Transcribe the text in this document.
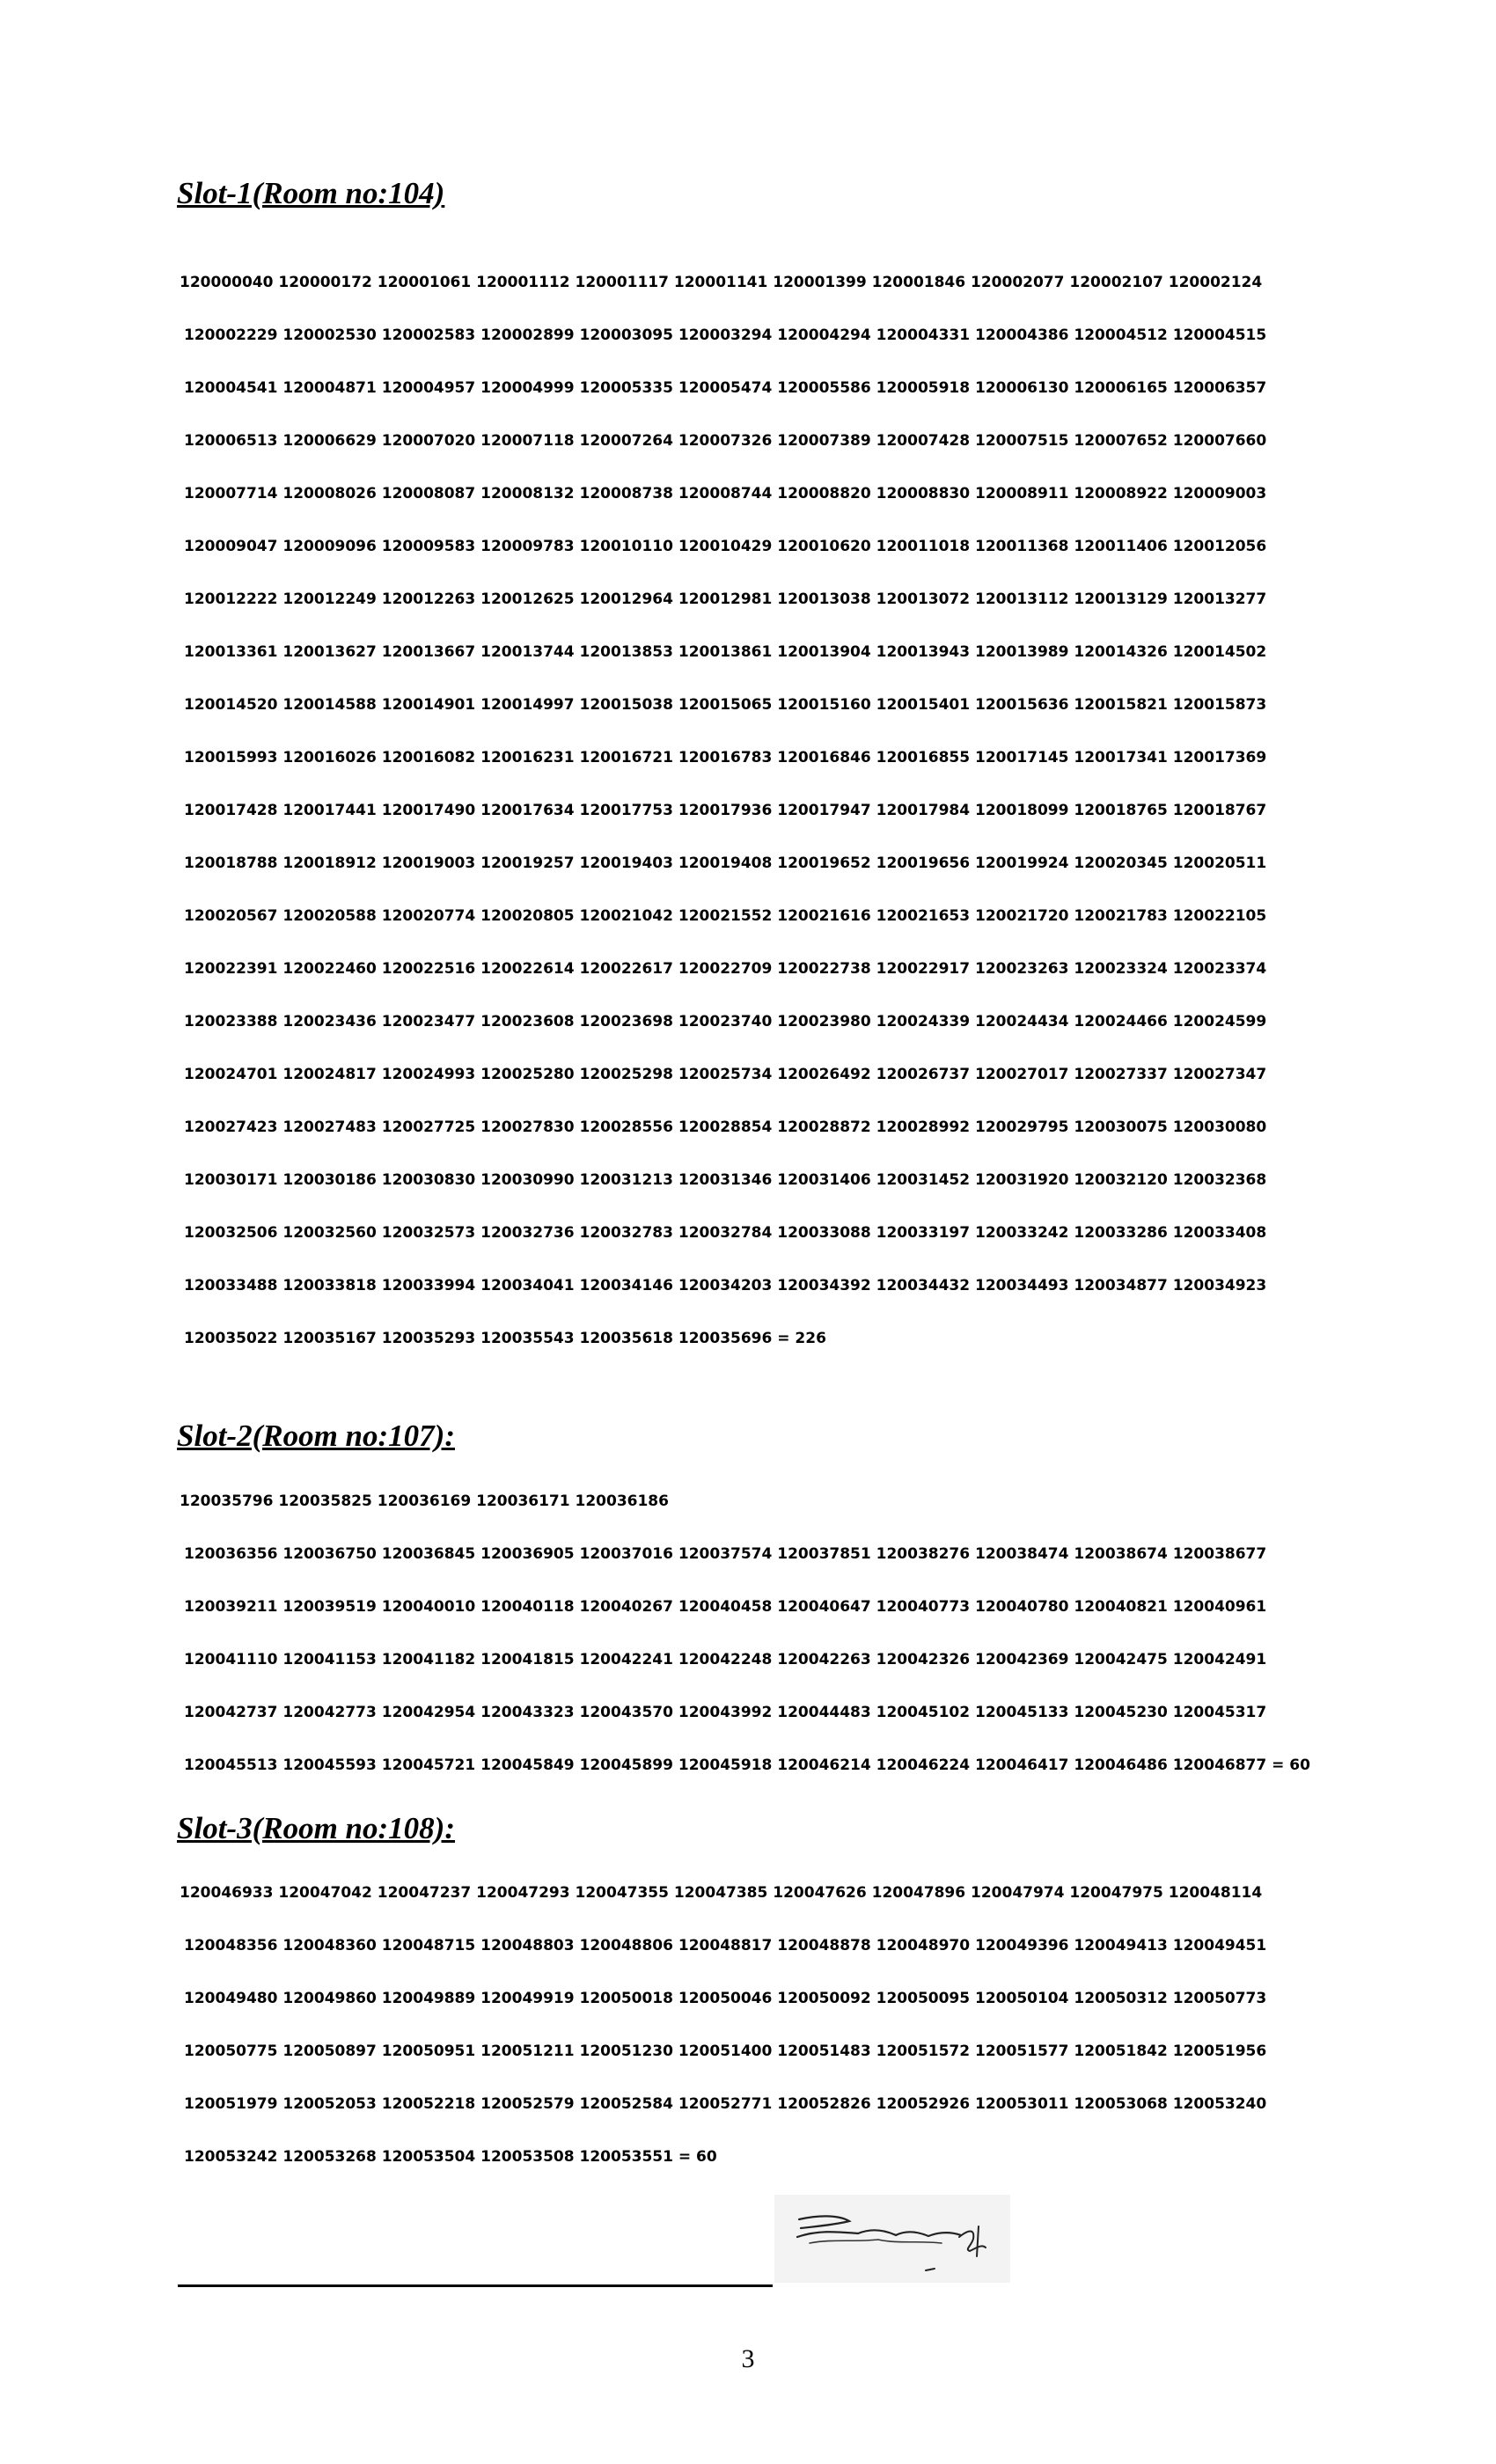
Slot-1(Room no:104)

120000040 120000172 120001061 120001112 120001117 120001141 120001399 120001846 120002077 120002107 120002124

120002229 120002530 120002583 120002899 120003095 120003294 120004294 120004331 120004386 120004512 120004515

120004541 120004871 120004957 120004999 120005335 120005474 120005586 120005918 120006130 120006165 120006357

120006513 120006629 120007020 120007118 120007264 120007326 120007389 120007428 120007515 120007652 120007660

120007714 120008026 120008087 120008132 120008738 120008744 120008820 120008830 120008911 120008922 120009003

120009047 120009096 120009583 120009783 120010110 120010429 120010620 120011018 120011368 120011406 120012056

120012222 120012249 120012263 120012625 120012964 120012981 120013038 120013072 120013112 120013129 120013277

120013361 120013627 120013667 120013744 120013853 120013861 120013904 120013943 120013989 120014326 120014502

120014520 120014588 120014901 120014997 120015038 120015065 120015160 120015401 120015636 120015821 120015873

120015993 120016026 120016082 120016231 120016721 120016783 120016846 120016855 120017145 120017341 120017369

120017428 120017441 120017490 120017634 120017753 120017936 120017947 120017984 120018099 120018765 120018767

120018788 120018912 120019003 120019257 120019403 120019408 120019652 120019656 120019924 120020345 120020511

120020567 120020588 120020774 120020805 120021042 120021552 120021616 120021653 120021720 120021783 120022105

120022391 120022460 120022516 120022614 120022617 120022709 120022738 120022917 120023263 120023324 120023374

120023388 120023436 120023477 120023608 120023698 120023740 120023980 120024339 120024434 120024466 120024599

120024701 120024817 120024993 120025280 120025298 120025734 120026492 120026737 120027017 120027337 120027347

120027423 120027483 120027725 120027830 120028556 120028854 120028872 120028992 120029795 120030075 120030080

120030171 120030186 120030830 120030990 120031213 120031346 120031406 120031452 120031920 120032120 120032368

120032506 120032560 120032573 120032736 120032783 120032784 120033088 120033197 120033242 120033286 120033408

120033488 120033818 120033994 120034041 120034146 120034203 120034392 120034432 120034493 120034877 120034923

120035022 120035167 120035293 120035543 120035618 120035696 = 226

Slot-2(Room no:107):

120035796 120035825 120036169 120036171 120036186

120036356 120036750 120036845 120036905 120037016 120037574 120037851 120038276 120038474 120038674 120038677

120039211 120039519 120040010 120040118 120040267 120040458 120040647 120040773 120040780 120040821 120040961

120041110 120041153 120041182 120041815 120042241 120042248 120042263 120042326 120042369 120042475 120042491

120042737 120042773 120042954 120043323 120043570 120043992 120044483 120045102 120045133 120045230 120045317

120045513 120045593 120045721 120045849 120045899 120045918 120046214 120046224 120046417 120046486 120046877 = 60

Slot-3(Room no:108):

120046933 120047042 120047237 120047293 120047355 120047385 120047626 120047896 120047974 120047975 120048114

120048356 120048360 120048715 120048803 120048806 120048817 120048878 120048970 120049396 120049413 120049451

120049480 120049860 120049889 120049919 120050018 120050046 120050092 120050095 120050104 120050312 120050773

120050775 120050897 120050951 120051211 120051230 120051400 120051483 120051572 120051577 120051842 120051956

120051979 120052053 120052218 120052579 120052584 120052771 120052826 120052926 120053011 120053068 120053240

120053242 120053268 120053504 120053508 120053551 = 60

3
